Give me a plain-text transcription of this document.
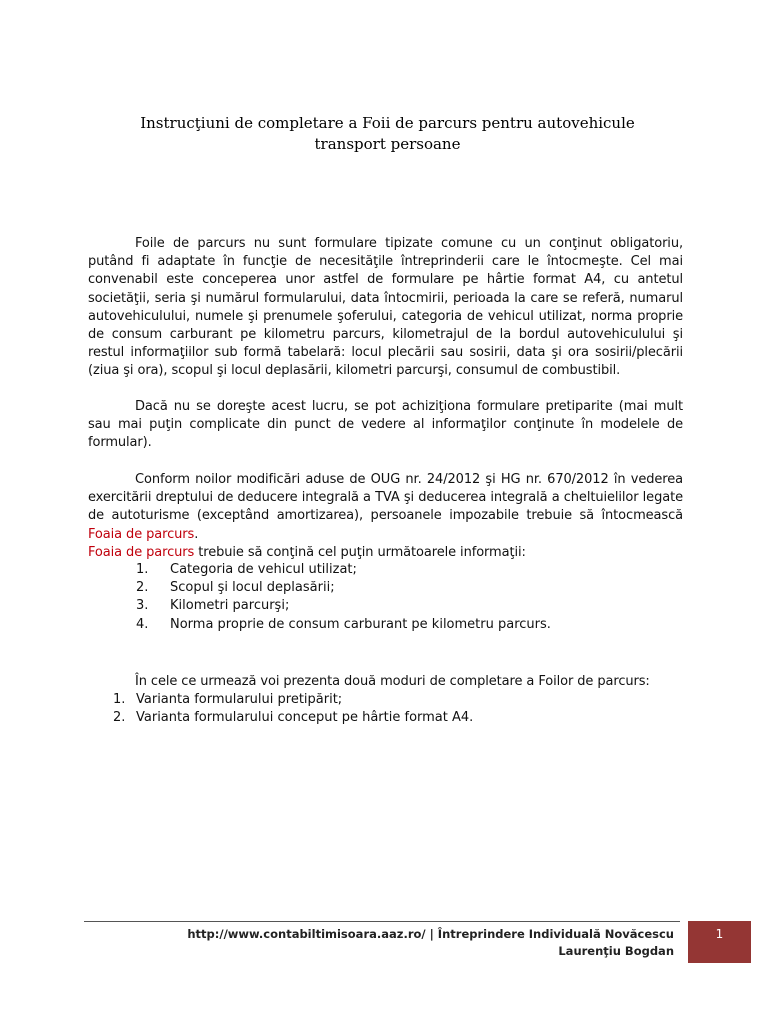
Instrucţiuni de completare a Foii de parcurs pentru autovehicule transport persoane

Foile de parcurs nu sunt formulare tipizate comune cu un conţinut obligatoriu, putând fi adaptate în funcţie de necesităţile întreprinderii care le întocmeşte. Cel mai convenabil este conceperea unor astfel de formulare pe hârtie format A4, cu antetul societăţii, seria şi numărul formularului, data întocmirii, perioada la care se referă, numarul autovehiculului, numele şi prenumele şoferului, categoria de vehicul utilizat, norma proprie de consum carburant pe kilometru parcurs, kilometrajul de la bordul autovehiculului şi restul informaţiilor sub formă tabelară: locul plecării sau sosirii, data şi ora sosirii/plecării (ziua şi ora), scopul şi locul deplasării, kilometri parcurşi, consumul de combustibil.

Dacă nu se doreşte acest lucru, se pot achiziţiona formulare pretiparite (mai mult sau mai puţin complicate din punct de vedere al informaţilor conţinute în modelele de formular).

Conform noilor modificări aduse de OUG nr. 24/2012 şi HG nr. 670/2012 în vederea exercitării dreptului de deducere integrală a TVA şi deducerea integrală a cheltuielilor legate de autoturisme (exceptând amortizarea), persoanele impozabile trebuie să întocmească Foaia de parcurs.

Foaia de parcurs trebuie să conţină cel puţin următoarele informaţii:

1. Categoria de vehicul utilizat;
2. Scopul şi locul deplasării;
3. Kilometri parcurşi;
4. Norma proprie de consum carburant pe kilometru parcurs.

În cele ce urmează voi prezenta două moduri de completare a Foilor de parcurs:

1. Varianta formularului pretipărit;
2. Varianta formularului conceput pe hârtie format A4.
http://www.contabiltimisoara.aaz.ro/ | Întreprindere Individuală Novăcescu
Laurenţiu Bogdan
1
